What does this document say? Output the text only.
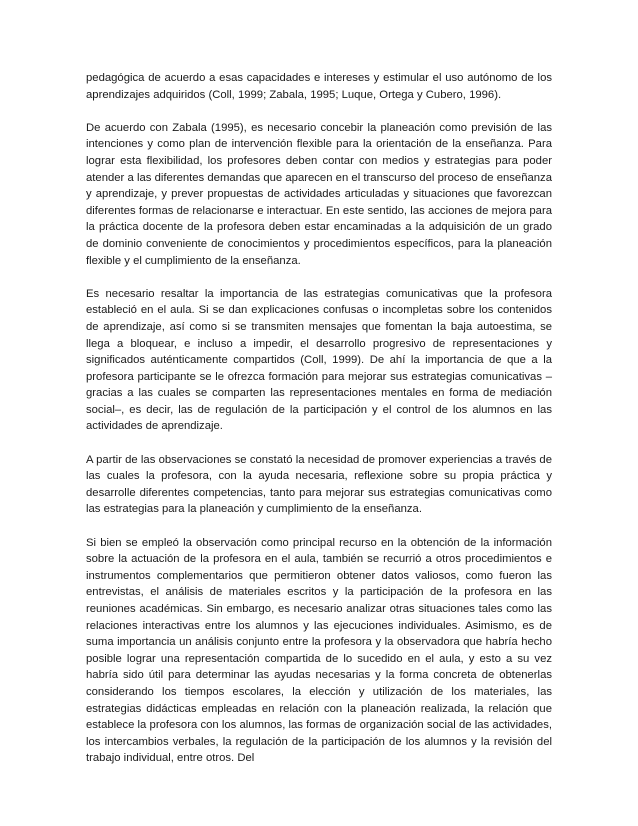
pedagógica de acuerdo a esas capacidades e intereses y estimular el uso autónomo de los aprendizajes adquiridos (Coll, 1999; Zabala, 1995; Luque, Ortega y Cubero, 1996).

De acuerdo con Zabala (1995), es necesario concebir la planeación como previsión de las intenciones y como plan de intervención flexible para la orientación de la enseñanza. Para lograr esta flexibilidad, los profesores deben contar con medios y estrategias para poder atender a las diferentes demandas que aparecen en el transcurso del proceso de enseñanza y aprendizaje, y prever propuestas de actividades articuladas y situaciones que favorezcan diferentes formas de relacionarse e interactuar. En este sentido, las acciones de mejora para la práctica docente de la profesora deben estar encaminadas a la adquisición de un grado de dominio conveniente de conocimientos y procedimientos específicos, para la planeación flexible y el cumplimiento de la enseñanza.

Es necesario resaltar la importancia de las estrategias comunicativas que la profesora estableció en el aula. Si se dan explicaciones confusas o incompletas sobre los contenidos de aprendizaje, así como si se transmiten mensajes que fomentan la baja autoestima, se llega a bloquear, e incluso a impedir, el desarrollo progresivo de representaciones y significados auténticamente compartidos (Coll, 1999). De ahí la importancia de que a la profesora participante se le ofrezca formación para mejorar sus estrategias comunicativas –gracias a las cuales se comparten las representaciones mentales en forma de mediación social–, es decir, las de regulación de la participación y el control de los alumnos en las actividades de aprendizaje.

A partir de las observaciones se constató la necesidad de promover experiencias a través de las cuales la profesora, con la ayuda necesaria, reflexione sobre su propia práctica y desarrolle diferentes competencias, tanto para mejorar sus estrategias comunicativas como las estrategias para la planeación y cumplimiento de la enseñanza.

Si bien se empleó la observación como principal recurso en la obtención de la información sobre la actuación de la profesora en el aula, también se recurrió a otros procedimientos e instrumentos complementarios que permitieron obtener datos valiosos, como fueron las entrevistas, el análisis de materiales escritos y la participación de la profesora en las reuniones académicas. Sin embargo, es necesario analizar otras situaciones tales como las relaciones interactivas entre los alumnos y las ejecuciones individuales. Asimismo, es de suma importancia un análisis conjunto entre la profesora y la observadora que habría hecho posible lograr una representación compartida de lo sucedido en el aula, y esto a su vez habría sido útil para determinar las ayudas necesarias y la forma concreta de obtenerlas considerando los tiempos escolares, la elección y utilización de los materiales, las estrategias didácticas empleadas en relación con la planeación realizada, la relación que establece la profesora con los alumnos, las formas de organización social de las actividades, los intercambios verbales, la regulación de la participación de los alumnos y la revisión del trabajo individual, entre otros. Del
